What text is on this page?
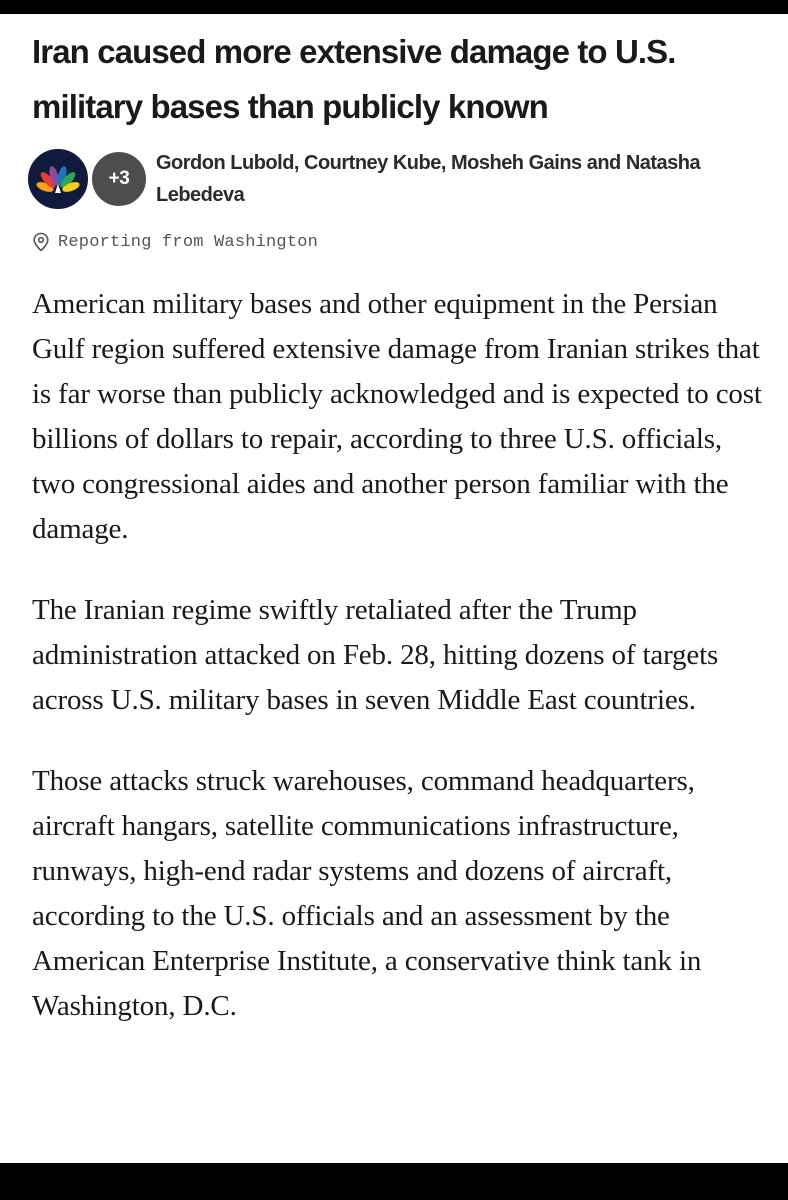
Iran caused more extensive damage to U.S. military bases than publicly known
+3
Gordon Lubold, Courtney Kube, Mosheh Gains and Natasha Lebedeva
Reporting from Washington

American military bases and other equipment in the Persian Gulf region suffered extensive damage from Iranian strikes that is far worse than publicly acknowledged and is expected to cost billions of dollars to repair, according to three U.S. officials, two congressional aides and another person familiar with the damage.

The Iranian regime swiftly retaliated after the Trump administration attacked on Feb. 28, hitting dozens of targets across U.S. military bases in seven Middle East countries.

Those attacks struck warehouses, command headquarters, aircraft hangars, satellite communications infrastructure, runways, high-end radar systems and dozens of aircraft, according to the U.S. officials and an assessment by the American Enterprise Institute, a conservative think tank in Washington, D.C.
